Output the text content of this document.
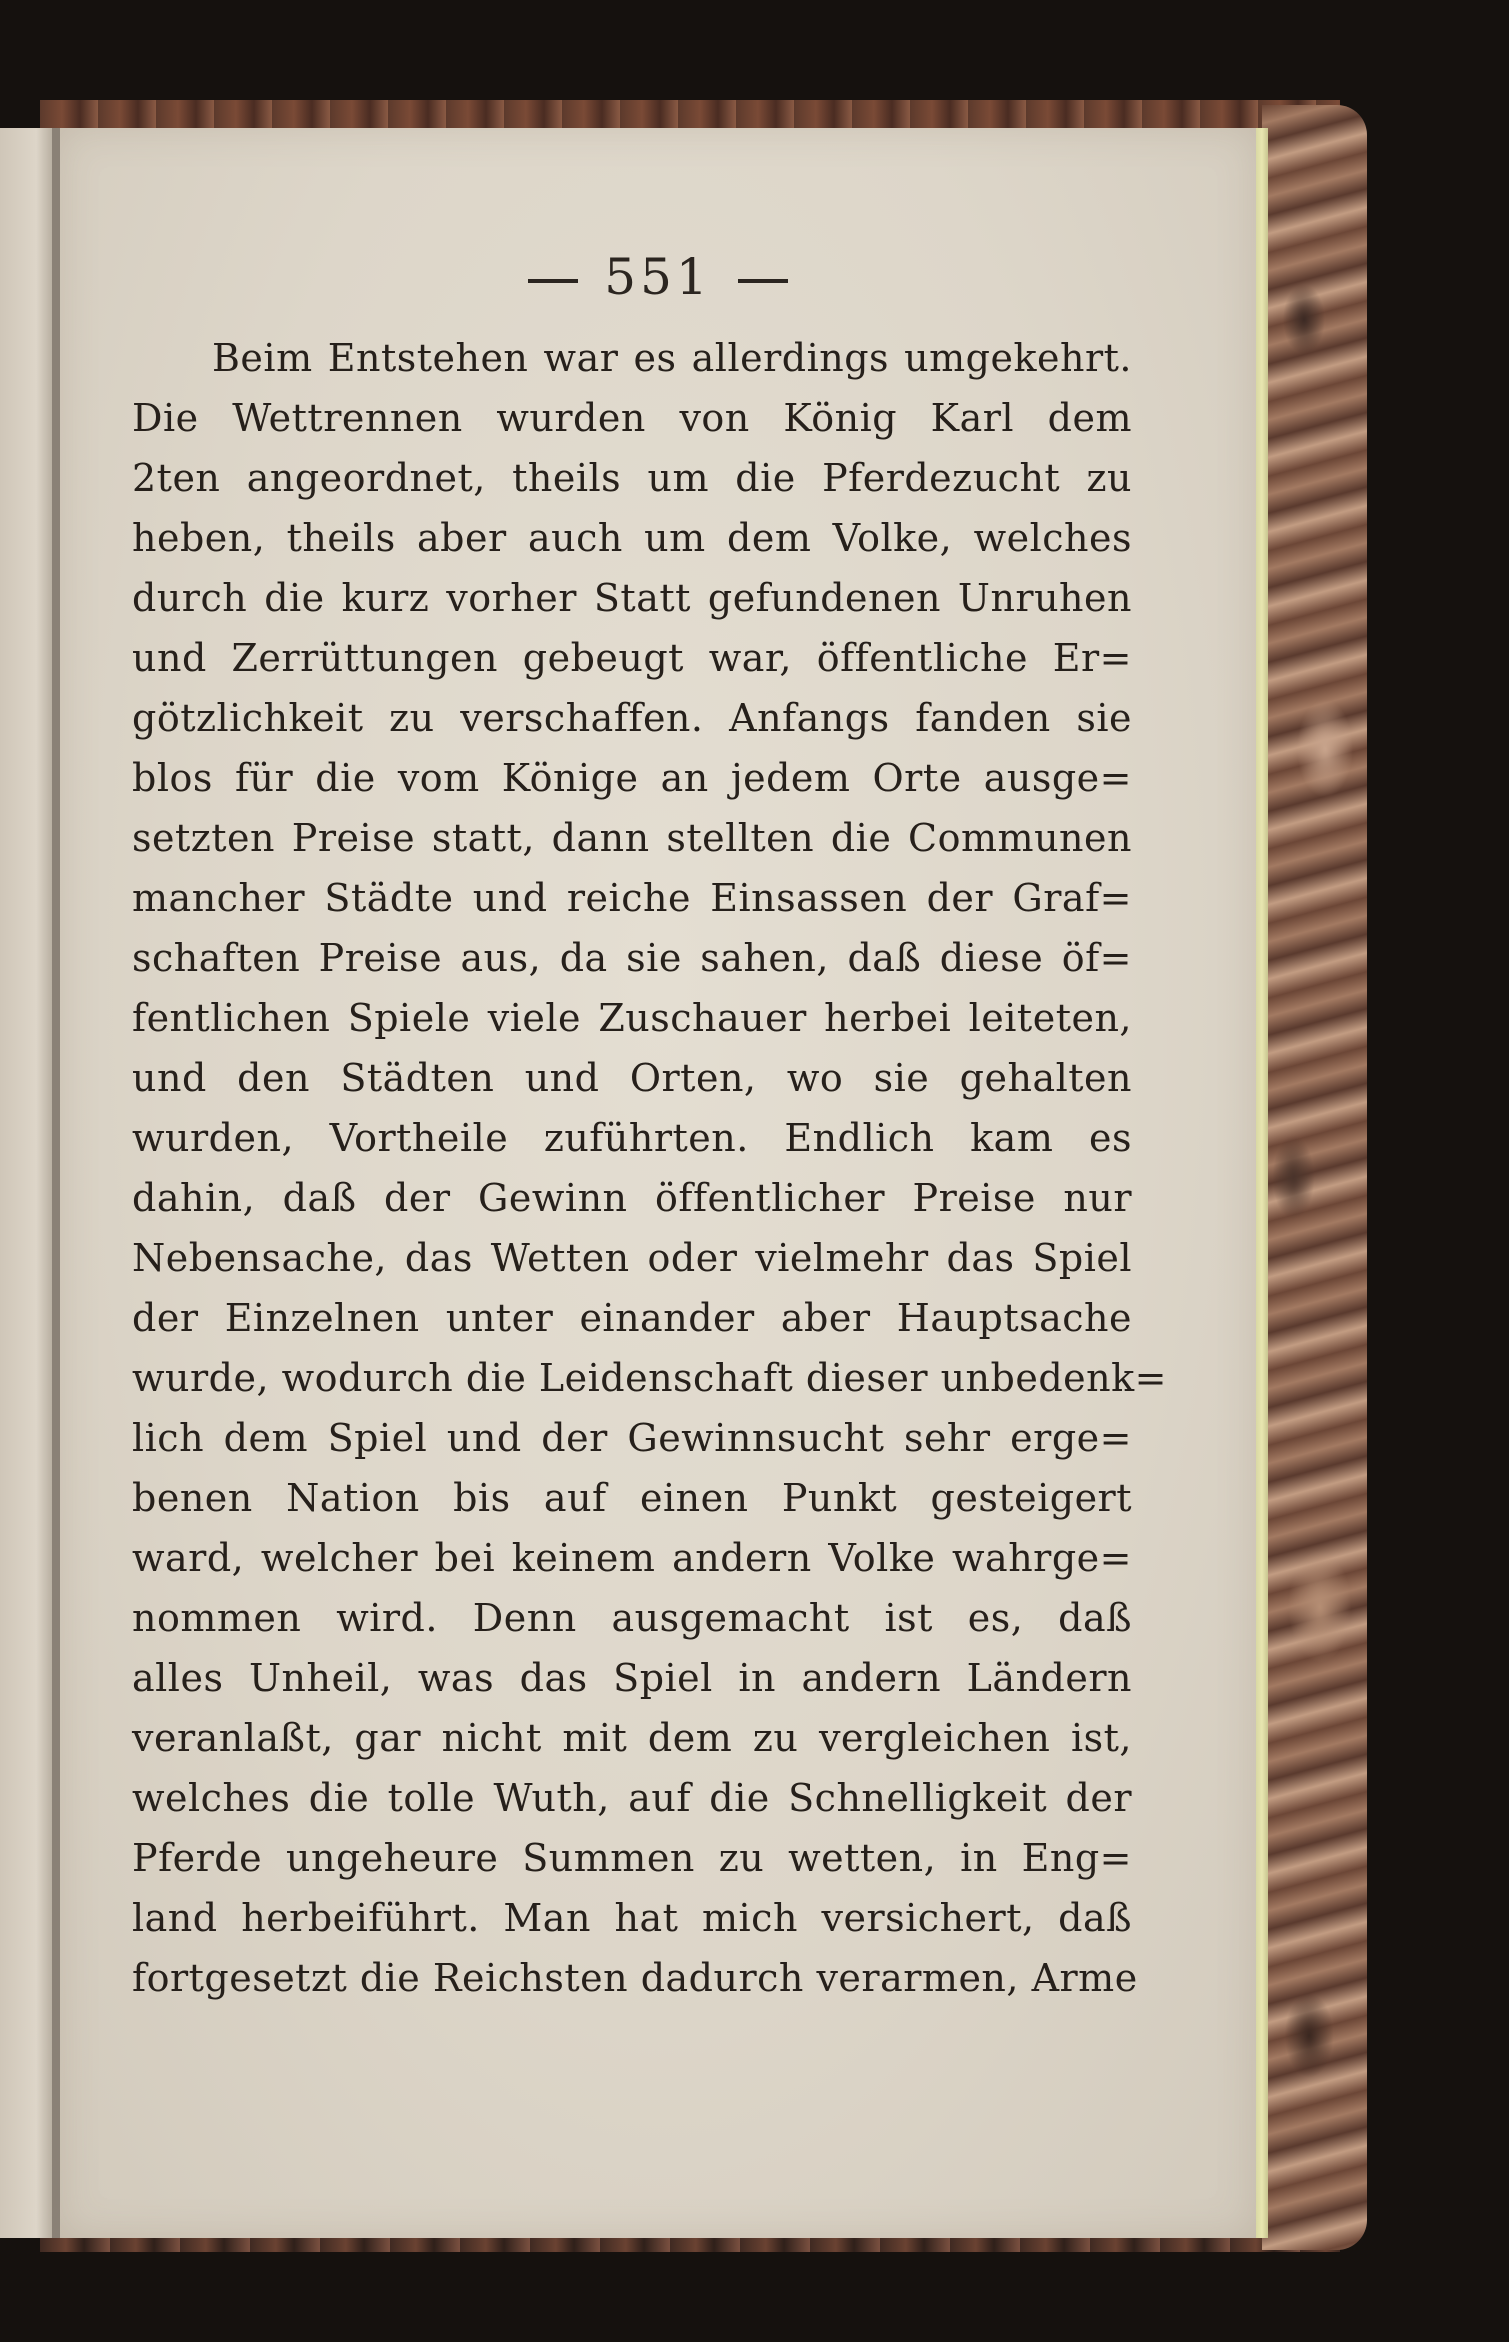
551
Beim Entstehen war es allerdings umgekehrt.
Die Wettrennen wurden von König Karl dem
2ten angeordnet, theils um die Pferdezucht zu
heben, theils aber auch um dem Volke, welches
durch die kurz vorher Statt gefundenen Unruhen
und Zerrüttungen gebeugt war, öffentliche Er=
götzlichkeit zu verschaffen. Anfangs fanden sie
blos für die vom Könige an jedem Orte ausge=
setzten Preise statt, dann stellten die Communen
mancher Städte und reiche Einsassen der Graf=
schaften Preise aus, da sie sahen, daß diese öf=
fentlichen Spiele viele Zuschauer herbei leiteten,
und den Städten und Orten, wo sie gehalten
wurden, Vortheile zuführten. Endlich kam es
dahin, daß der Gewinn öffentlicher Preise nur
Nebensache, das Wetten oder vielmehr das Spiel
der Einzelnen unter einander aber Hauptsache
wurde, wodurch die Leidenschaft dieser unbedenk=
lich dem Spiel und der Gewinnsucht sehr erge=
benen Nation bis auf einen Punkt gesteigert
ward, welcher bei keinem andern Volke wahrge=
nommen wird. Denn ausgemacht ist es, daß
alles Unheil, was das Spiel in andern Ländern
veranlaßt, gar nicht mit dem zu vergleichen ist,
welches die tolle Wuth, auf die Schnelligkeit der
Pferde ungeheure Summen zu wetten, in Eng=
land herbeiführt. Man hat mich versichert, daß
fortgesetzt die Reichsten dadurch verarmen, Arme
